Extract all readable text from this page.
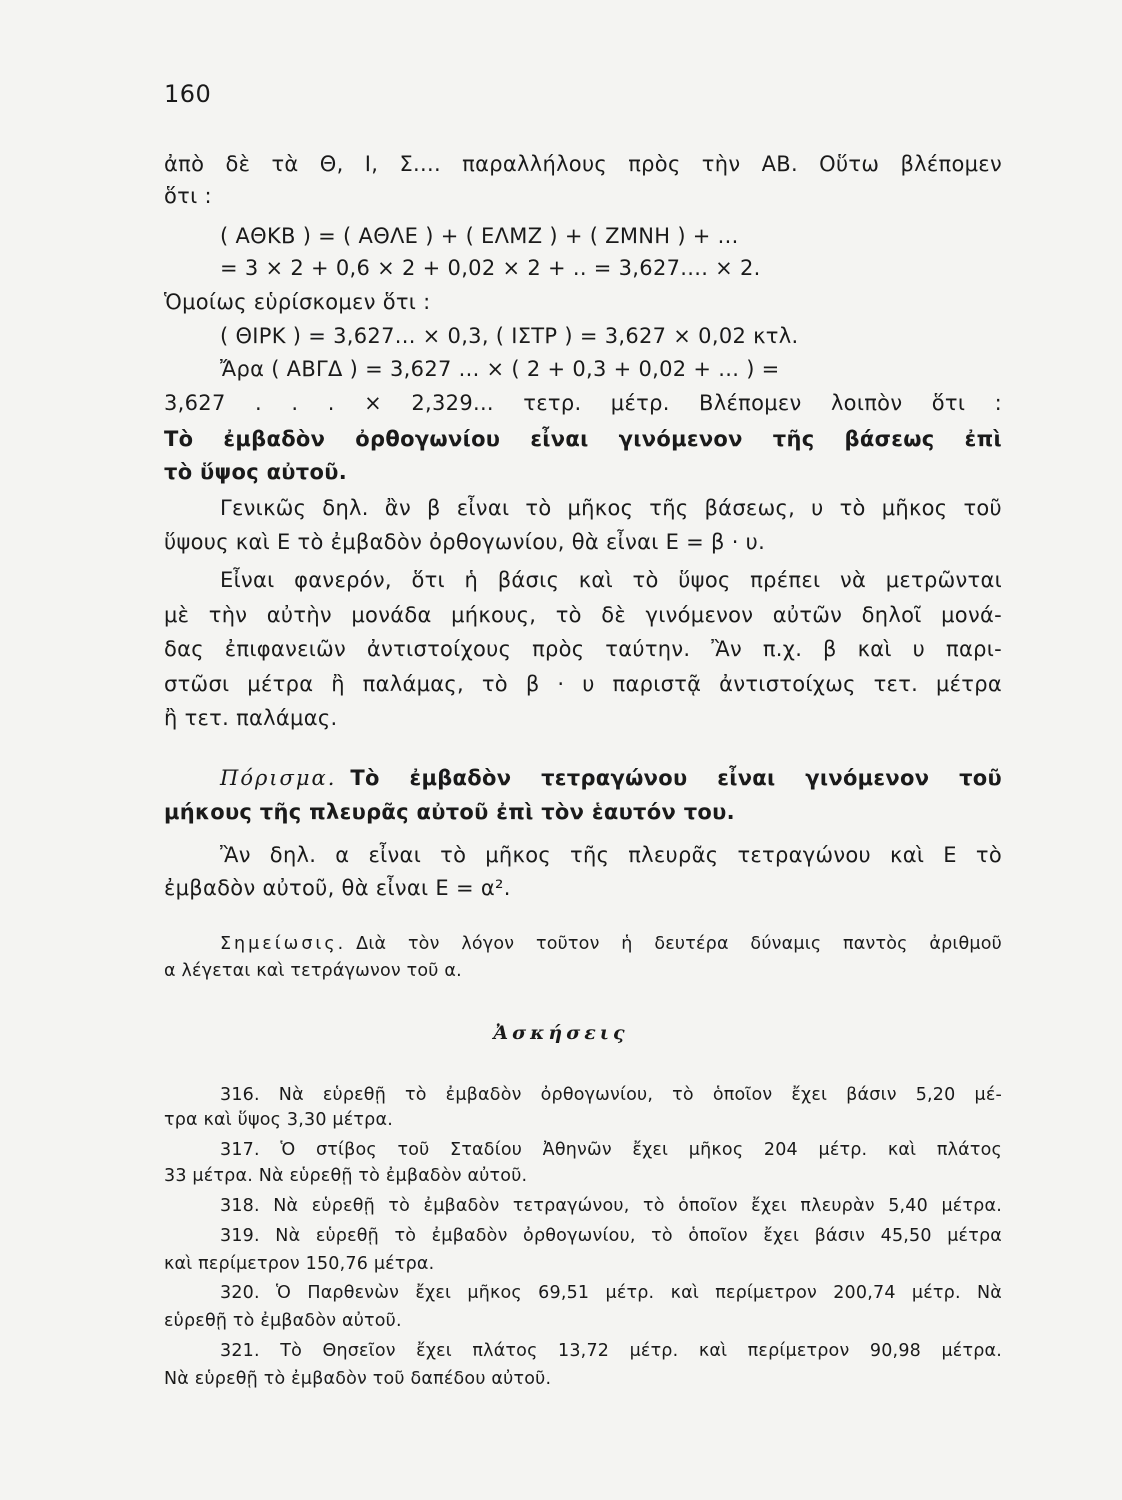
160
ἀπὸ δὲ τὰ Θ, Ι, Σ.... παραλλήλους πρὸς τὴν ΑΒ. Οὕτω βλέπομεν
ὅτι :
( ΑΘΚΒ ) = ( ΑΘΛΕ ) + ( ΕΛΜΖ ) + ( ΖΜΝΗ ) + ...
= 3 × 2 + 0,6 × 2 + 0,02 × 2 + .. = 3,627.... × 2.
Ὁμοίως εὑρίσκομεν ὅτι :
( ΘΙΡΚ ) = 3,627... × 0,3, ( ΙΣΤΡ ) = 3,627 × 0,02 κτλ.
Ἄρα ( ΑΒΓΔ ) = 3,627 ... × ( 2 + 0,3 + 0,02 + ... ) =
3,627 . . . × 2,329... τετρ. μέτρ. Βλέπομεν λοιπὸν ὅτι :
Τὸ ἐμβαδὸν ὀρθογωνίου εἶναι γινόμενον τῆς βάσεως ἐπὶ
τὸ ὕψος αὐτοῦ.
Γενικῶς δηλ. ἂν β εἶναι τὸ μῆκος τῆς βάσεως, υ τὸ μῆκος τοῦ
ὕψους καὶ Ε τὸ ἐμβαδὸν ὀρθογωνίου, θὰ εἶναι Ε = β · υ.
Εἶναι φανερόν, ὅτι ἡ βάσις καὶ τὸ ὕψος πρέπει νὰ μετρῶνται
μὲ τὴν αὐτὴν μονάδα μήκους, τὸ δὲ γινόμενον αὐτῶν δηλοῖ μονά-
δας ἐπιφανειῶν ἀντιστοίχους πρὸς ταύτην. Ἂν π.χ. β καὶ υ παρι-
στῶσι μέτρα ἢ παλάμας, τὸ β · υ παριστᾷ ἀντιστοίχως τετ. μέτρα
ἢ τετ. παλάμας.
Πόρισμα. Τὸ ἐμβαδὸν τετραγώνου εἶναι γινόμενον τοῦ
μήκους τῆς πλευρᾶς αὐτοῦ ἐπὶ τὸν ἑαυτόν του.
Ἂν δηλ. α εἶναι τὸ μῆκος τῆς πλευρᾶς τετραγώνου καὶ Ε τὸ
ἐμβαδὸν αὐτοῦ, θὰ εἶναι Ε = α².
Σημείωσις. Διὰ τὸν λόγον τοῦτον ἡ δευτέρα δύναμις παντὸς ἀριθμοῦ
α λέγεται καὶ τετράγωνον τοῦ α.
Ἀσκήσεις
316. Νὰ εὑρεθῇ τὸ ἐμβαδὸν ὀρθογωνίου, τὸ ὁποῖον ἔχει βάσιν 5,20 μέ-
τρα καὶ ὕψος 3,30 μέτρα.
317. Ὁ στίβος τοῦ Σταδίου Ἀθηνῶν ἔχει μῆκος 204 μέτρ. καὶ πλάτος
33 μέτρα. Νὰ εὑρεθῇ τὸ ἐμβαδὸν αὐτοῦ.
318. Νὰ εὑρεθῇ τὸ ἐμβαδὸν τετραγώνου, τὸ ὁποῖον ἔχει πλευρὰν 5,40 μέτρα.
319. Νὰ εὑρεθῇ τὸ ἐμβαδὸν ὀρθογωνίου, τὸ ὁποῖον ἔχει βάσιν 45,50 μέτρα
καὶ περίμετρον 150,76 μέτρα.
320. Ὁ Παρθενὼν ἔχει μῆκος 69,51 μέτρ. καὶ περίμετρον 200,74 μέτρ. Νὰ
εὑρεθῇ τὸ ἐμβαδὸν αὐτοῦ.
321. Τὸ Θησεῖον ἔχει πλάτος 13,72 μέτρ. καὶ περίμετρον 90,98 μέτρα.
Νὰ εὑρεθῇ τὸ ἐμβαδὸν τοῦ δαπέδου αὐτοῦ.
